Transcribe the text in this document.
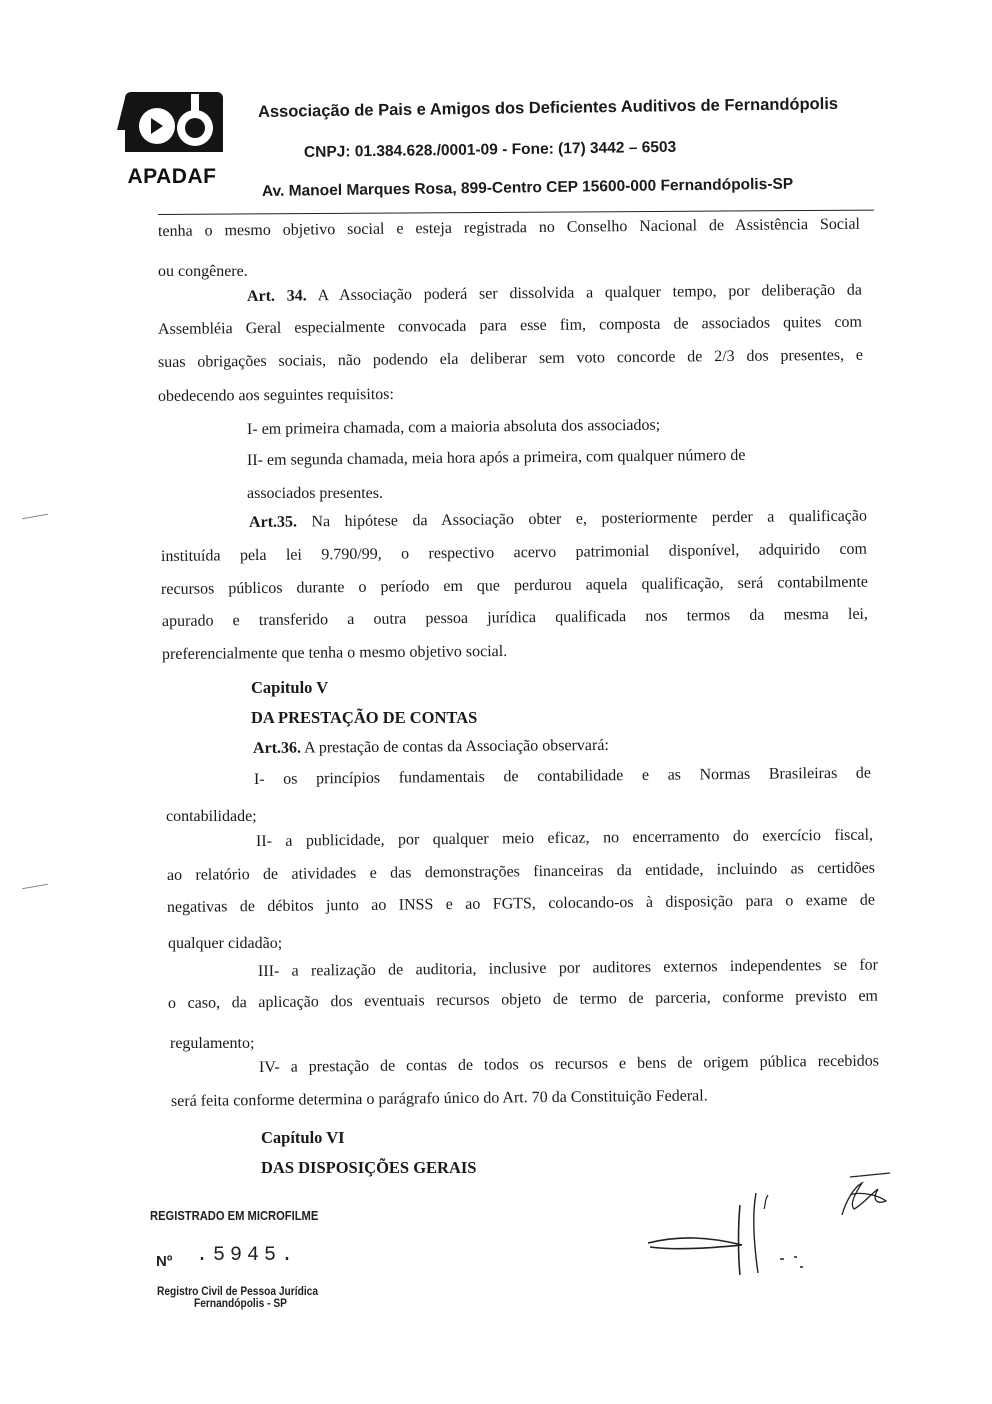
APADAF
Associação de Pais e Amigos dos Deficientes Auditivos de Fernandópolis
CNPJ: 01.384.628./0001-09 - Fone: (17) 3442 – 6503
Av. Manoel Marques Rosa, 899-Centro CEP 15600-000 Fernandópolis-SP
tenha o mesmo objetivo social e esteja registrada no Conselho Nacional de Assistência Social
ou congênere.
Art. 34. A Associação poderá ser dissolvida a qualquer tempo, por deliberação da
Assembléia Geral especialmente convocada para esse fim, composta de associados quites com
suas obrigações sociais, não podendo ela deliberar sem voto concorde de 2/3 dos presentes, e
obedecendo aos seguintes requisitos:
I- em primeira chamada, com a maioria absoluta dos associados;
II- em segunda chamada, meia hora após a primeira, com qualquer número de
associados presentes.
Art.35. Na hipótese da Associação obter e, posteriormente perder a qualificação
instituída pela lei 9.790/99, o respectivo acervo patrimonial disponível, adquirido com
recursos públicos durante o período em que perdurou aquela qualificação, será contabilmente
apurado e transferido a outra pessoa jurídica qualificada nos termos da mesma lei,
preferencialmente que tenha o mesmo objetivo social.
Capitulo V
DA PRESTAÇÃO DE CONTAS
Art.36. A prestação de contas da Associação observará:
I- os princípios fundamentais de contabilidade e as Normas Brasileiras de
contabilidade;
II- a publicidade, por qualquer meio eficaz, no encerramento do exercício fiscal,
ao relatório de atividades e das demonstrações financeiras da entidade, incluindo as certidões
negativas de débitos junto ao INSS e ao FGTS, colocando-os à disposição para o exame de
qualquer cidadão;
III- a realização de auditoria, inclusive por auditores externos independentes se for
o caso, da aplicação dos eventuais recursos objeto de termo de parceria, conforme previsto em
regulamento;
IV- a prestação de contas de todos os recursos e bens de origem pública recebidos
será feita conforme determina o parágrafo único do Art. 70 da Constituição Federal.
Capítulo VI
DAS DISPOSIÇÕES GERAIS
REGISTRADO EM MICROFILME
Nº .5945.
Registro Civil de Pessoa Jurídica
Fernandópolis - SP
